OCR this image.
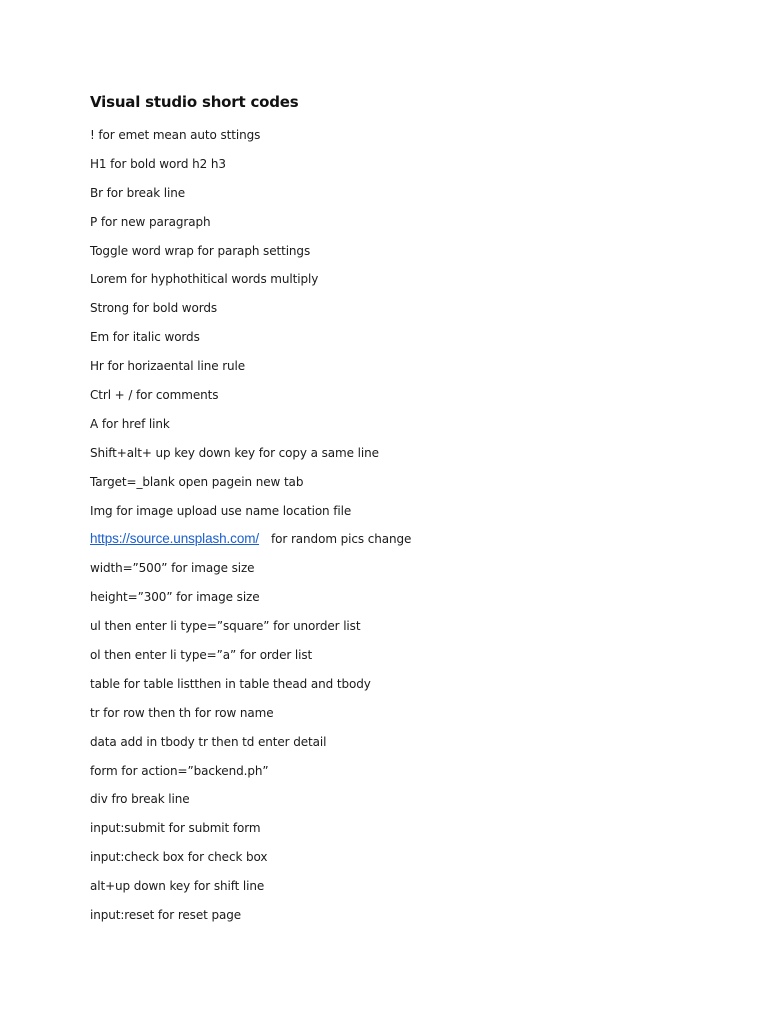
Visual studio short codes
! for emet mean auto sttings
H1 for bold word h2 h3
Br for break line
P for new paragraph
Toggle word wrap for paraph settings
Lorem for hyphothitical words multiply
Strong for bold words
Em for italic words
Hr for horizaental line rule
Ctrl + / for comments
A for href link
Shift+alt+ up key down key for copy a same line
Target=_blank open pagein new tab
Img for image upload use name location file
https://source.unsplash.com/ for random pics change
width=”500” for image size
height=”300” for image size
ul then enter li type=”square” for unorder list
ol then enter li type=”a” for order list
table for table listthen in table thead and tbody
tr for row then th for row name
data add in tbody tr then td enter detail
form for action=”backend.ph”
div fro break line
input:submit for submit form
input:check box for check box
alt+up down key for shift line
input:reset for reset page
